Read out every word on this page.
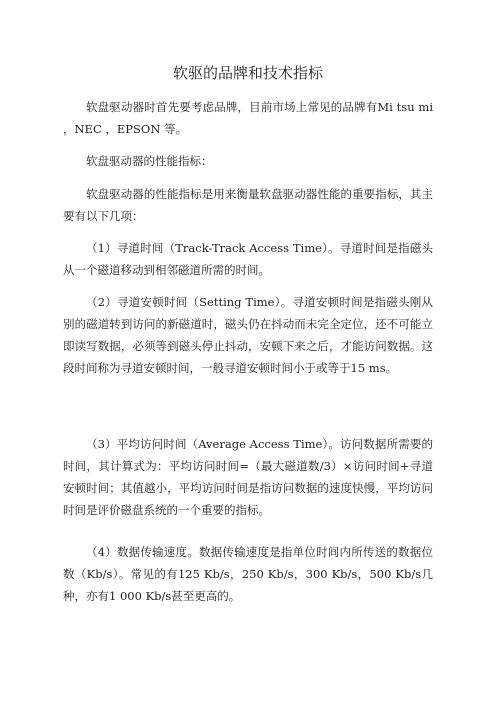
软驱的品牌和技术指标

软盘驱动器时首先要考虑品牌，目前市场上常见的品牌有Mi tsu mi ，NEC ，EPSON 等。

软盘驱动器的性能指标：

软盘驱动器的性能指标是用来衡量软盘驱动器性能的重要指标，其主要有以下几项：

（1）寻道时间（Track-Track Access Time）。寻道时间是指磁头从一个磁道移动到相邻磁道所需的时间。

（2）寻道安顿时间（Setting Time）。寻道安顿时间是指磁头刚从别的磁道转到访问的新磁道时，磁头仍在抖动而未完全定位，还不可能立即读写数据，必须等到磁头停止抖动，安顿下来之后，才能访问数据。这段时间称为寻道安顿时间，一般寻道安顿时间小于或等于15 ms。

（3）平均访问时间（Average Access Time）。访问数据所需要的时间，其计算式为：平均访问时间=（最大磁道数/3）×访问时间+寻道安顿时间；其值越小，平均访问时间是指访问数据的速度快慢，平均访问时间是评价磁盘系统的一个重要的指标。

（4）数据传输速度。数据传输速度是指单位时间内所传送的数据位数（Kb/s）。常见的有125 Kb/s，250 Kb/s，300 Kb/s，500 Kb/s几种，亦有1 000 Kb/s甚至更高的。
